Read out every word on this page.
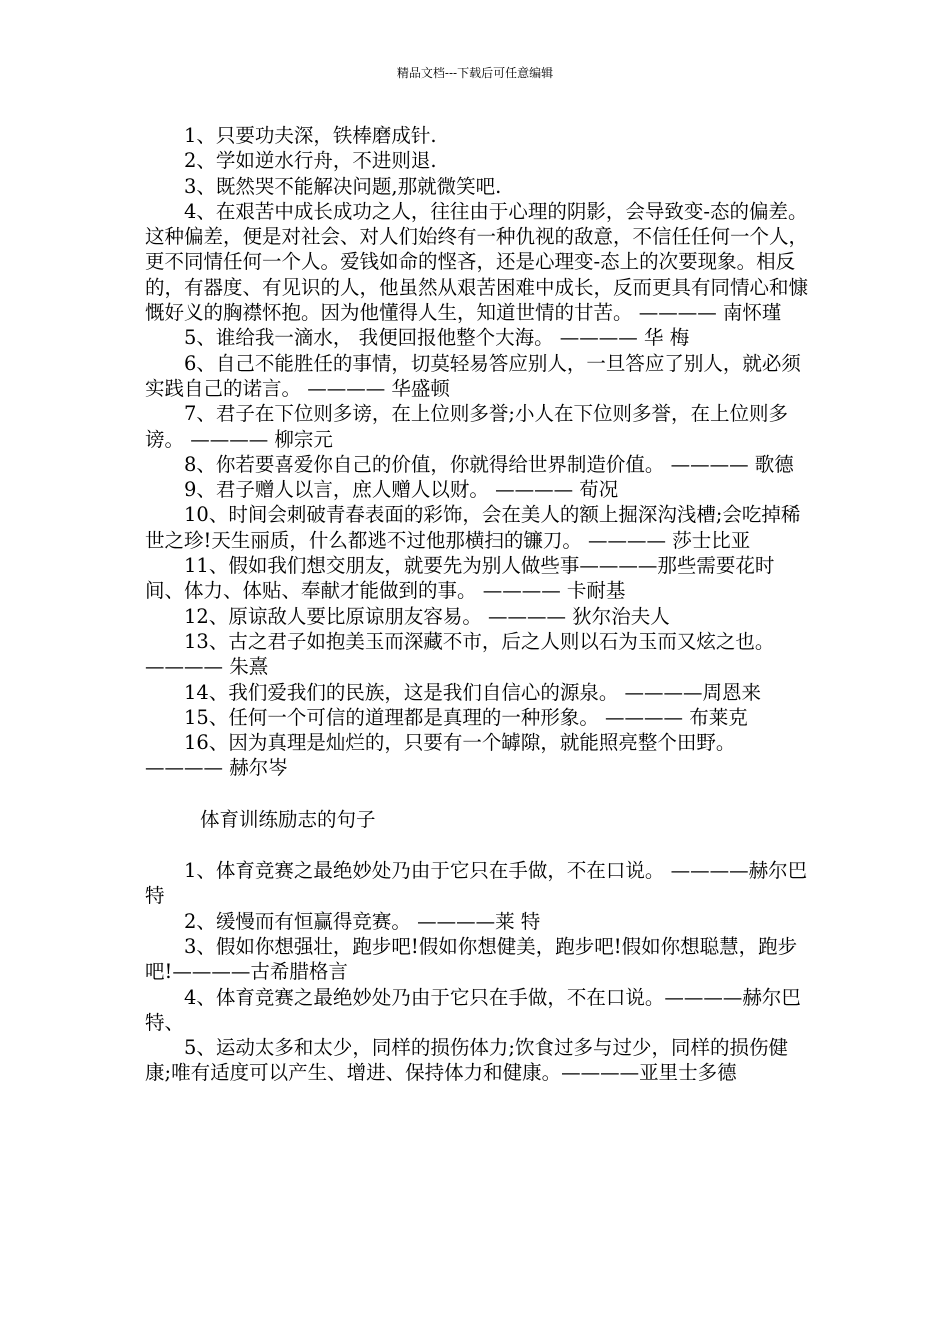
精品文档---下载后可任意编辑

1、只要功夫深，铁棒磨成针.

2、学如逆水行舟，不进则退.

3、既然哭不能解决问题,那就微笑吧.

4、在艰苦中成长成功之人，往往由于心理的阴影，会导致变-态的偏差。这种偏差，便是对社会、对人们始终有一种仇视的敌意，不信任任何一个人，更不同情任何一个人。爱钱如命的悭吝，还是心理变-态上的次要现象。相反的，有器度、有见识的人，他虽然从艰苦困难中成长，反而更具有同情心和慷慨好义的胸襟怀抱。因为他懂得人生，知道世情的甘苦。 ———— 南怀瑾

5、谁给我一滴水， 我便回报他整个大海。 ———— 华 梅

6、自己不能胜任的事情，切莫轻易答应别人，一旦答应了别人，就必须实践自己的诺言。 ———— 华盛顿

7、君子在下位则多谤，在上位则多誉;小人在下位则多誉，在上位则多谤。 ———— 柳宗元

8、你若要喜爱你自己的价值，你就得给世界制造价值。 ———— 歌德

9、君子赠人以言，庶人赠人以财。 ———— 荀况

10、时间会刺破青春表面的彩饰，会在美人的额上掘深沟浅槽;会吃掉稀世之珍!天生丽质，什么都逃不过他那横扫的镰刀。 ———— 莎士比亚

11、假如我们想交朋友，就要先为别人做些事————那些需要花时间、体力、体贴、奉献才能做到的事。 ———— 卡耐基

12、原谅敌人要比原谅朋友容易。 ———— 狄尔治夫人

13、古之君子如抱美玉而深藏不市，后之人则以石为玉而又炫之也。 ———— 朱熹

14、我们爱我们的民族，这是我们自信心的源泉。 ————周恩来

15、任何一个可信的道理都是真理的一种形象。 ———— 布莱克

16、因为真理是灿烂的，只要有一个罅隙，就能照亮整个田野。 ———— 赫尔岑

体育训练励志的句子

1、体育竞赛之最绝妙处乃由于它只在手做，不在口说。 ————赫尔巴特

2、缓慢而有恒赢得竞赛。 ————莱 特

3、假如你想强壮，跑步吧!假如你想健美，跑步吧!假如你想聪慧，跑步吧!————古希腊格言

4、体育竞赛之最绝妙处乃由于它只在手做，不在口说。————赫尔巴特、

5、运动太多和太少，同样的损伤体力;饮食过多与过少，同样的损伤健康;唯有适度可以产生、增进、保持体力和健康。————亚里士多德
